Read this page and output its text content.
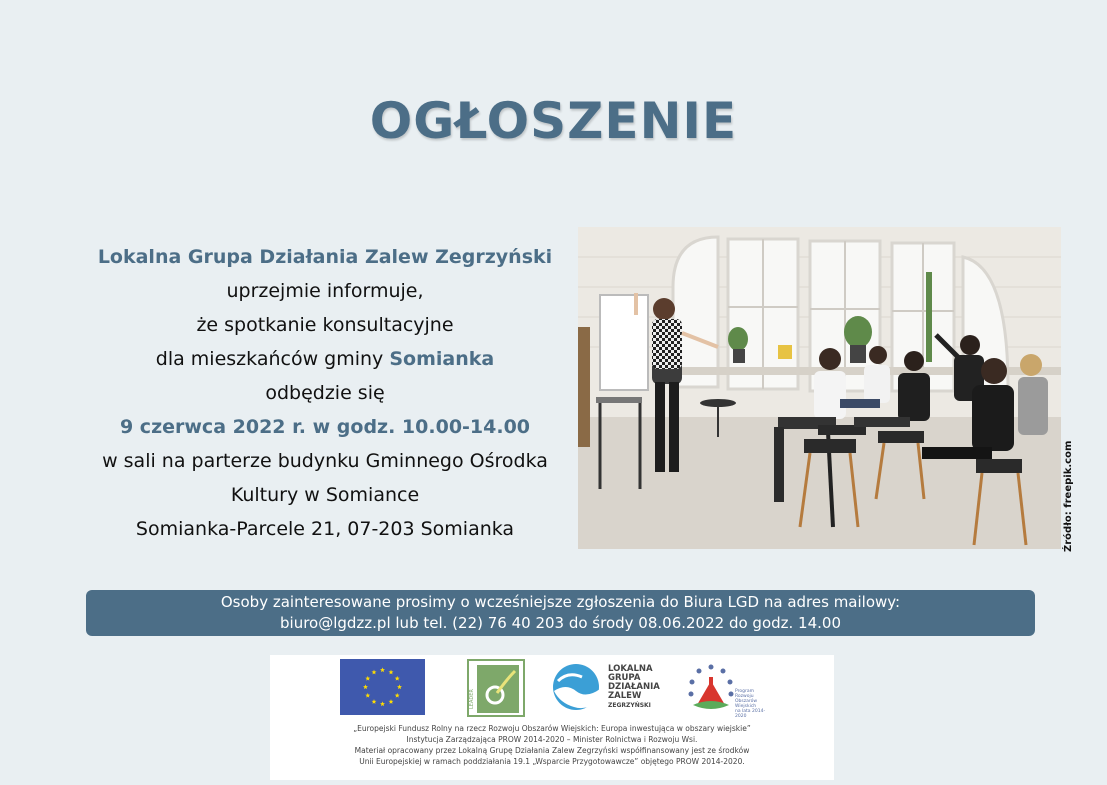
OGŁOSZENIE
Lokalna Grupa Działania Zalew Zegrzyński
uprzejmie informuje,
że spotkanie konsultacyjne
dla mieszkańców gminy Somianka
odbędzie się
9 czerwca 2022 r. w godz. 10.00-14.00
w sali na parterze budynku Gminnego Ośrodka
Kultury w Somiance
Somianka-Parcele 21, 07-203 Somianka	Źródło: freepik.com
Osoby zainteresowane prosimy o wcześniejsze zgłoszenia do Biura LGD na adres mailowy:
biuro@lgdzz.pl lub tel. (22) 76 40 203 do środy 08.06.2022 do godz. 14.00
LEADER
LOKALNA
GRUPA
DZIAŁANIA
ZALEW
ZEGRZYŃSKI
Program
Rozwoju
Obszarów
Wiejskich
na lata 2014-2020
„Europejski Fundusz Rolny na rzecz Rozwoju Obszarów Wiejskich: Europa inwestująca w obszary wiejskie”
Instytucja Zarządzająca PROW 2014-2020 – Minister Rolnictwa i Rozwoju Wsi.
Materiał opracowany przez Lokalną Grupę Działania Zalew Zegrzyński współfinansowany jest ze środków
Unii Europejskiej w ramach poddziałania 19.1 „Wsparcie Przygotowawcze” objętego PROW 2014-2020.
